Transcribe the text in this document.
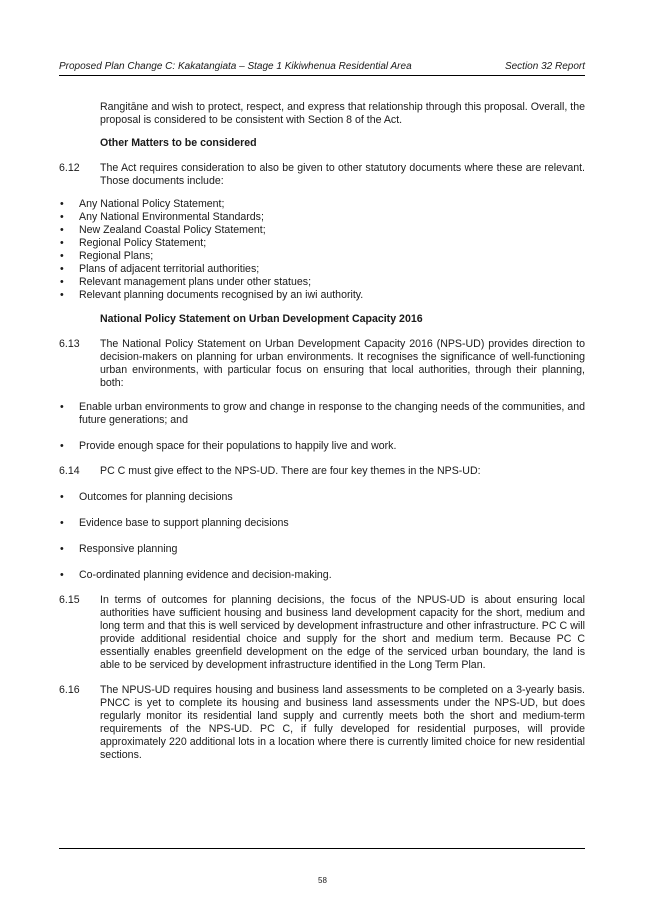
Proposed Plan Change C: Kakatangiata – Stage 1 Kikiwhenua Residential Area	Section 32 Report

Rangitāne and wish to protect, respect, and express that relationship through this proposal. Overall, the proposal is considered to be consistent with Section 8 of the Act.

Other Matters to be considered

6.12	The Act requires consideration to also be given to other statutory documents where these are relevant. Those documents include:
•	Any National Policy Statement;
•	Any National Environmental Standards;
•	New Zealand Coastal Policy Statement;
•	Regional Policy Statement;
•	Regional Plans;
•	Plans of adjacent territorial authorities;
•	Relevant management plans under other statues;
•	Relevant planning documents recognised by an iwi authority.

National Policy Statement on Urban Development Capacity 2016

6.13	The National Policy Statement on Urban Development Capacity 2016 (NPS-UD) provides direction to decision-makers on planning for urban environments. It recognises the significance of well-functioning urban environments, with particular focus on ensuring that local authorities, through their planning, both:
•	Enable urban environments to grow and change in response to the changing needs of the communities, and future generations; and
•	Provide enough space for their populations to happily live and work.
6.14	PC C must give effect to the NPS-UD. There are four key themes in the NPS-UD:
•	Outcomes for planning decisions
•	Evidence base to support planning decisions
•	Responsive planning
•	Co-ordinated planning evidence and decision-making.
6.15	In terms of outcomes for planning decisions, the focus of the NPUS-UD is about ensuring local authorities have sufficient housing and business land development capacity for the short, medium and long term and that this is well serviced by development infrastructure and other infrastructure. PC C will provide additional residential choice and supply for the short and medium term. Because PC C essentially enables greenfield development on the edge of the serviced urban boundary, the land is able to be serviced by development infrastructure identified in the Long Term Plan.
6.16	The NPUS-UD requires housing and business land assessments to be completed on a 3-yearly basis. PNCC is yet to complete its housing and business land assessments under the NPS-UD, but does regularly monitor its residential land supply and currently meets both the short and medium-term requirements of the NPS-UD. PC C, if fully developed for residential purposes, will provide approximately 220 additional lots in a location where there is currently limited choice for new residential sections.
58
